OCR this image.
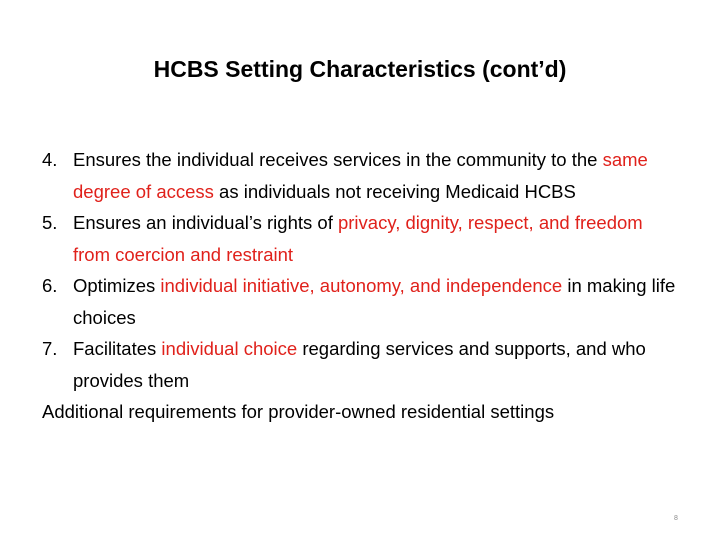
HCBS Setting Characteristics (cont’d)
4. Ensures the individual receives services in the community to the same degree of access as individuals not receiving Medicaid HCBS
5. Ensures an individual’s rights of privacy, dignity, respect, and freedom from coercion and restraint
6. Optimizes individual initiative, autonomy, and independence in making life choices
7. Facilitates individual choice regarding services and supports, and who provides them
Additional requirements for provider-owned residential settings
8
